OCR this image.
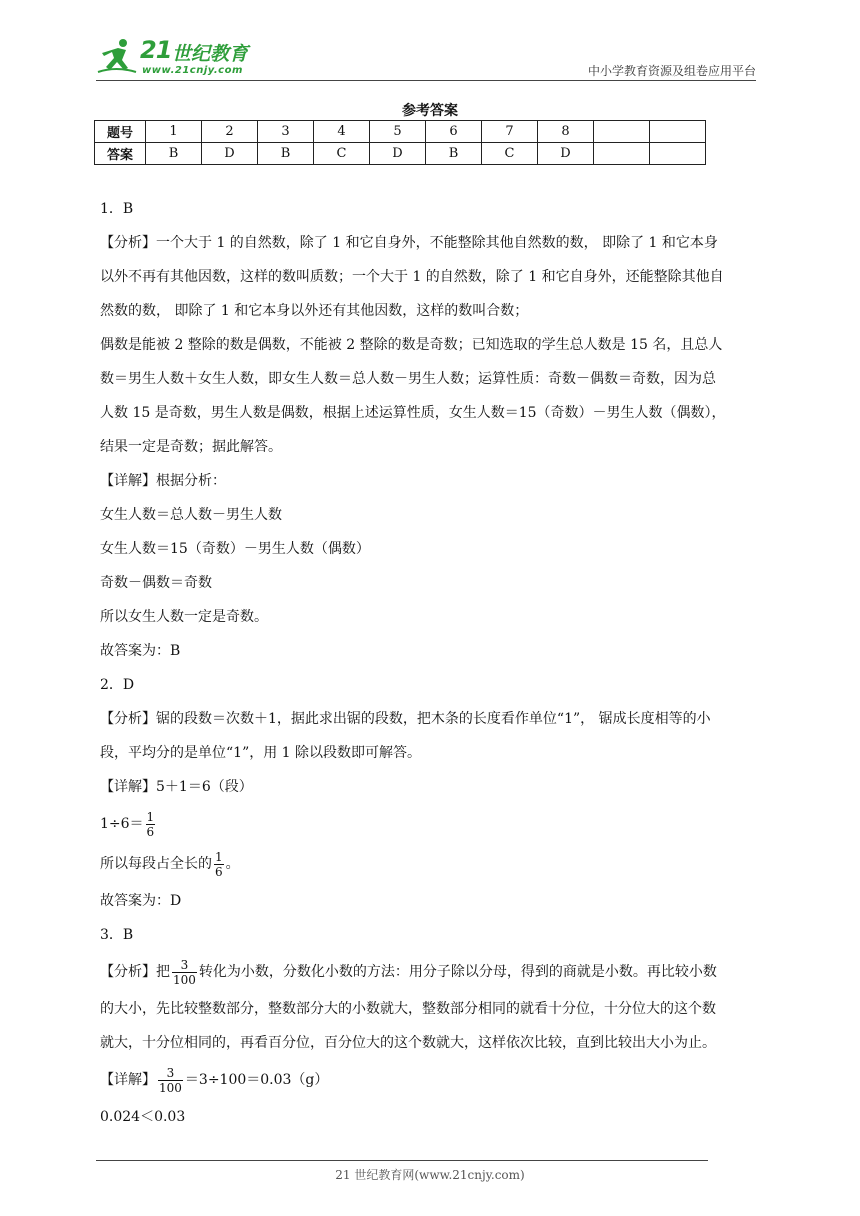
21 世纪教育
www.21cnjy.com	中小学教育资源及组卷应用平台
参考答案
题号	1	2	3	4	5	6	7	8		
答案	B	D	B	C	D	B	C	D		

1．B

【分析】一个大于 1 的自然数，除了 1 和它自身外，不能整除其他自然数的数， 即除了 1 和它本身

以外不再有其他因数，这样的数叫质数；一个大于 1 的自然数，除了 1 和它自身外，还能整除其他自

然数的数， 即除了 1 和它本身以外还有其他因数，这样的数叫合数；

偶数是能被 2 整除的数是偶数，不能被 2 整除的数是奇数；已知选取的学生总人数是 15 名，且总人

数＝男生人数＋女生人数，即女生人数＝总人数－男生人数；运算性质：奇数－偶数＝奇数，因为总

人数 15 是奇数，男生人数是偶数，根据上述运算性质，女生人数＝15（奇数）－男生人数（偶数），

结果一定是奇数；据此解答。

【详解】根据分析：

女生人数＝总人数－男生人数

女生人数＝15（奇数）－男生人数（偶数）

奇数－偶数＝奇数

所以女生人数一定是奇数。

故答案为：B

2．D

【分析】锯的段数＝次数＋1，据此求出锯的段数，把木条的长度看作单位“1”， 锯成长度相等的小

段，平均分的是单位“1”，用 1 除以段数即可解答。

【详解】5＋1＝6（段）

$1\div 6= \frac{1}{6}$

所以每段占全长的 $\frac{1}{6}$ 。

故答案为：D

3．B

【分析】把 $\frac{3}{100}$ 转化为小数，分数化小数的方法：用分子除以分母，得到的商就是小数。再比较小数

的大小，先比较整数部分，整数部分大的小数就大，整数部分相同的就看十分位，十分位大的这个数

就大，十分位相同的，再看百分位，百分位大的这个数就大，这样依次比较，直到比较出大小为止。

【详解】 $\frac{3}{100} =3\div 100=0.03(g)$

0.024＜0.03

21 世纪教育网(www.21cnjy.com)
